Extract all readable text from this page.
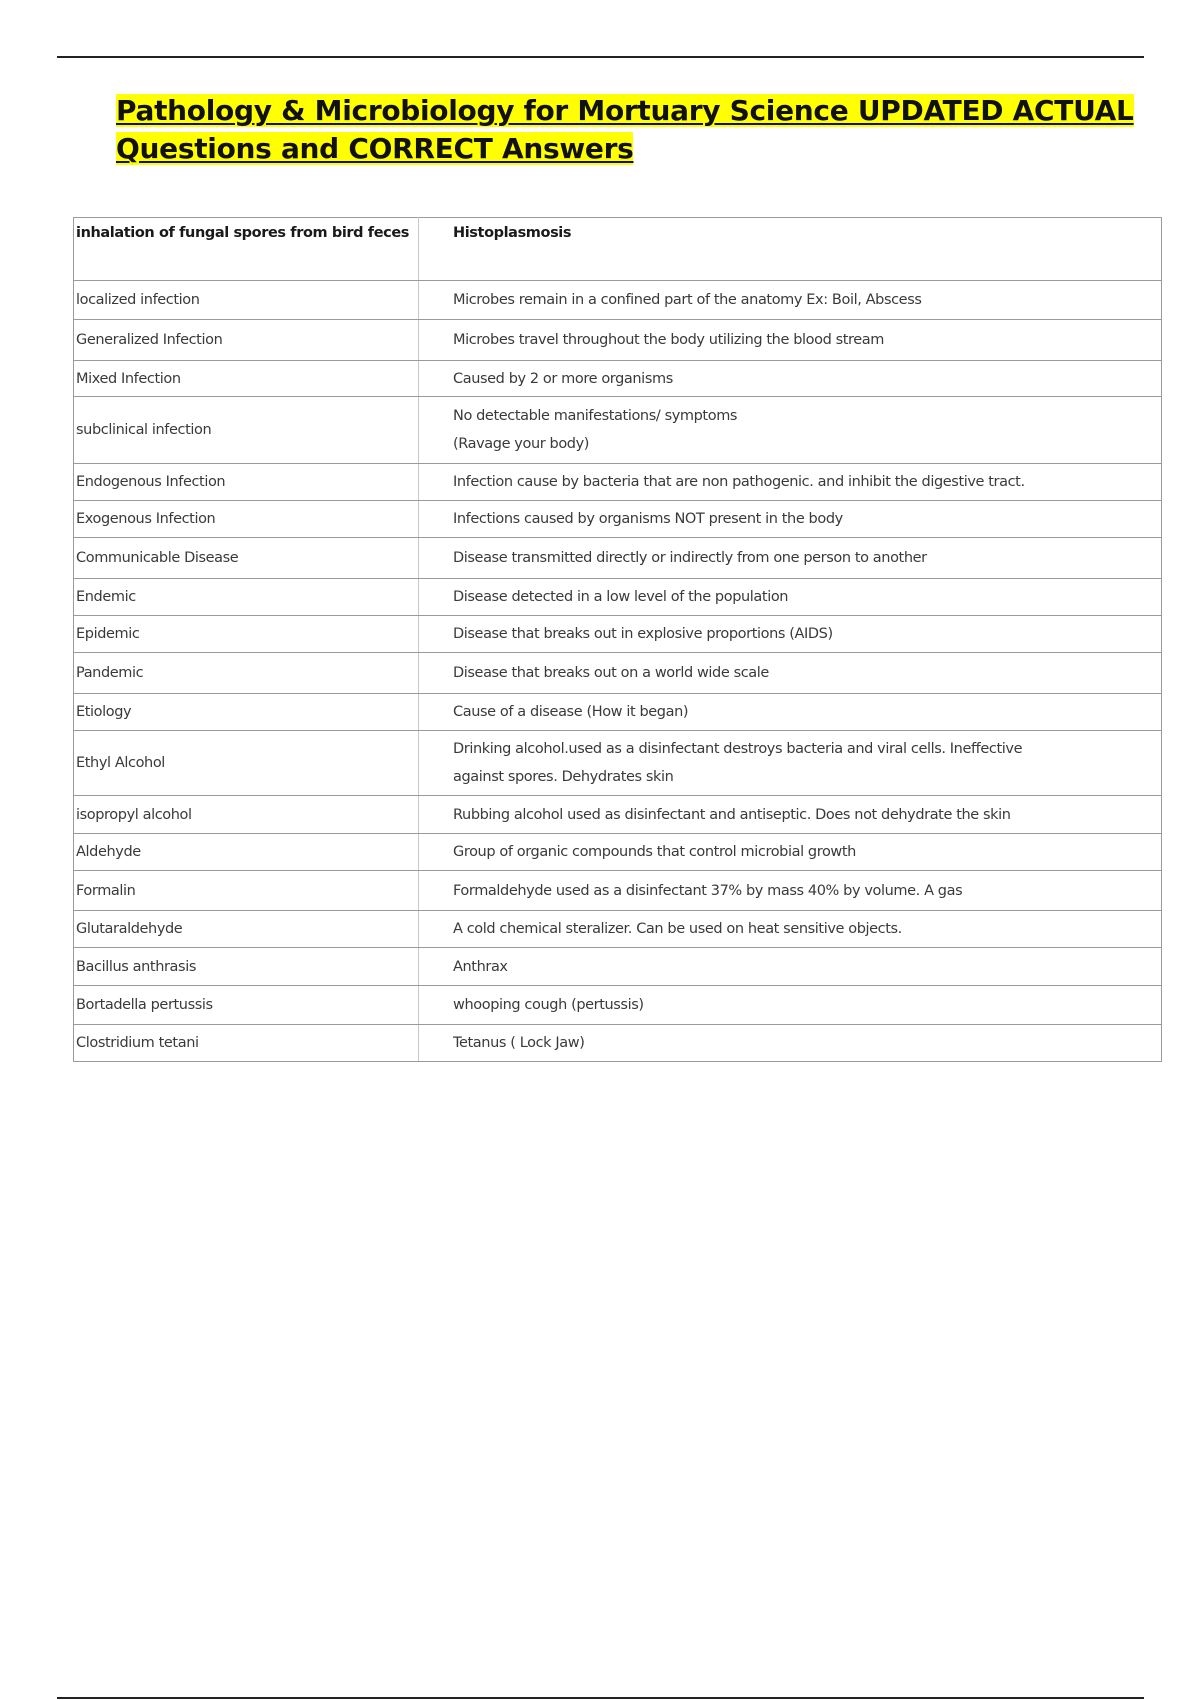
Pathology & Microbiology for Mortuary Science UPDATED ACTUAL
Questions and CORRECT Answers
inhalation of fungal spores from bird feces	Histoplasmosis
localized infection	Microbes remain in a confined part of the anatomy Ex: Boil, Abscess
Generalized Infection	Microbes travel throughout the body utilizing the blood stream
Mixed Infection	Caused by 2 or more organisms
subclinical infection	No detectable manifestations/ symptoms
(Ravage your body)

Endogenous Infection	Infection cause by bacteria that are non pathogenic. and inhibit the digestive tract.
Exogenous Infection	Infections caused by organisms NOT present in the body
Communicable Disease	Disease transmitted directly or indirectly from one person to another
Endemic	Disease detected in a low level of the population
Epidemic	Disease that breaks out in explosive proportions (AIDS)
Pandemic	Disease that breaks out on a world wide scale
Etiology	Cause of a disease (How it began)
Ethyl Alcohol	Drinking alcohol.used as a disinfectant destroys bacteria and viral cells. Ineffective
against spores. Dehydrates skin

isopropyl alcohol	Rubbing alcohol used as disinfectant and antiseptic. Does not dehydrate the skin
Aldehyde	Group of organic compounds that control microbial growth
Formalin	Formaldehyde used as a disinfectant 37% by mass 40% by volume. A gas
Glutaraldehyde	A cold chemical steralizer. Can be used on heat sensitive objects.
Bacillus anthrasis	Anthrax
Bortadella pertussis	whooping cough (pertussis)
Clostridium tetani	Tetanus ( Lock Jaw)
